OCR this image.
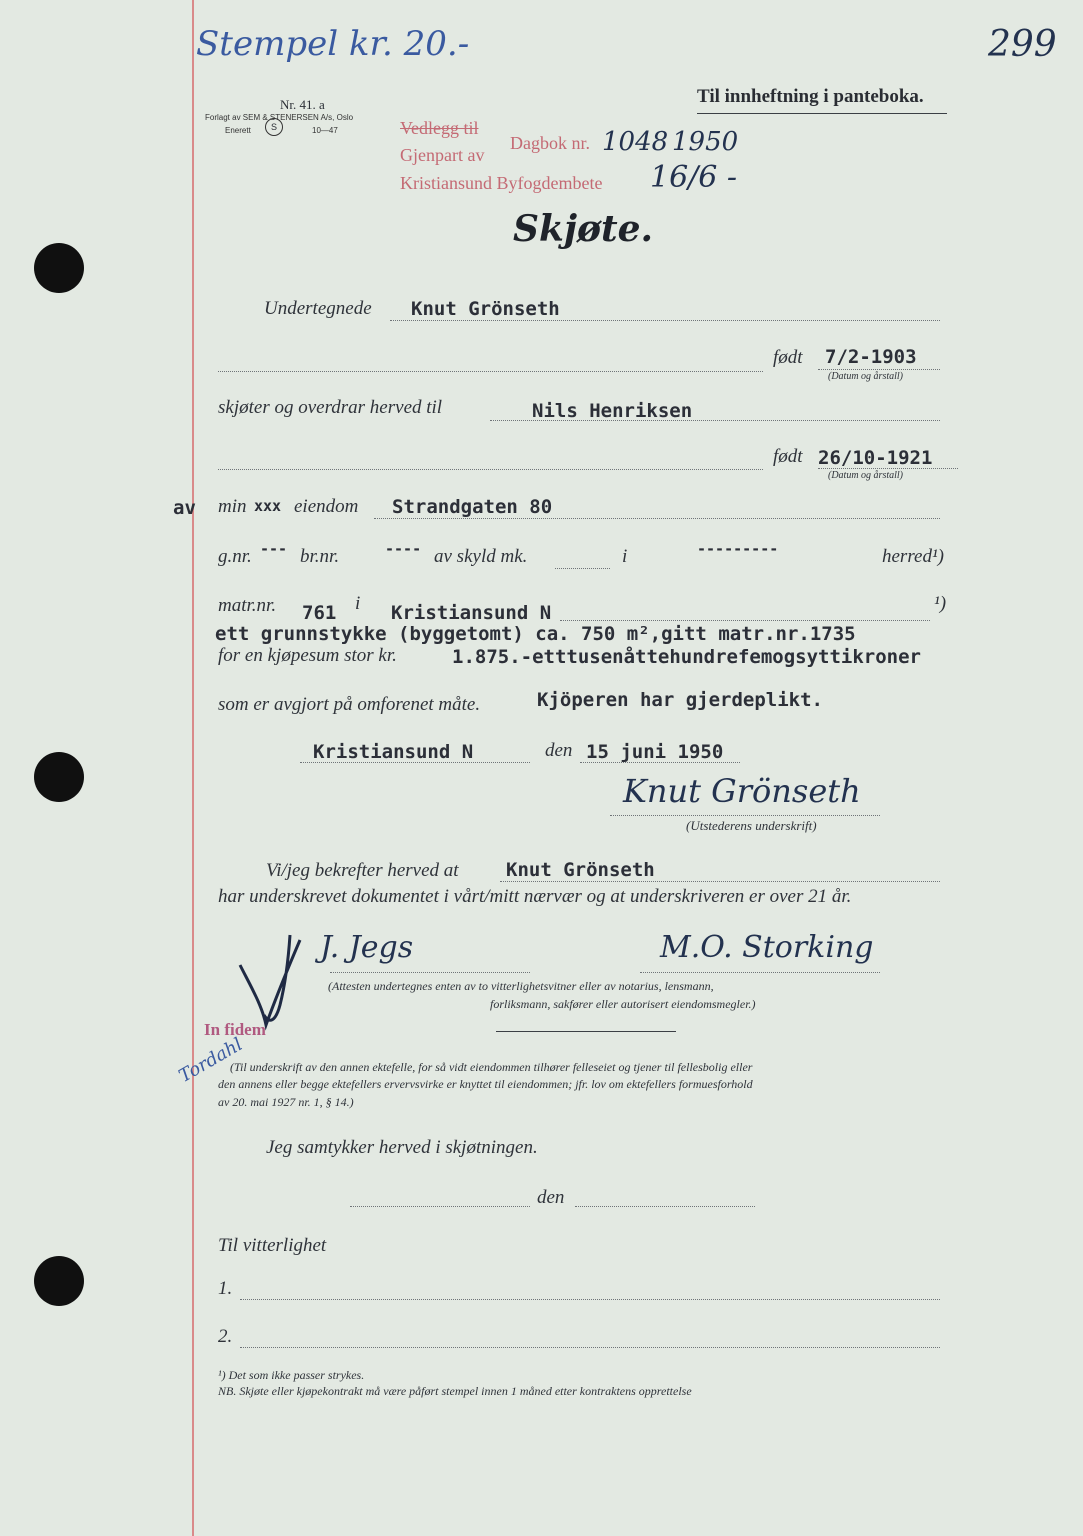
Stempel kr. 20.-	299
Nr. 41. a
Forlagt av SEM & STENERSEN A/s, Oslo
Enerett	S	10—47
Til innheftning i panteboka.
Vedlegg til
Gjenpart av
Kristiansund Byfogdembete
Dagbok nr. 1048 1950
16/6 -
Skjøte.
Undertegnede Knut Grönseth
født 7/2-1903
(Datum og årstall)
skjøter og overdrar herved til	Nils Henriksen
født 26/10-1921
(Datum og årstall)
av min xxx eiendom Strandgaten 80
g.nr. --- br.nr.	---- av skyld mk.	i	---------	herred¹)
matr.nr. 761 i Kristiansund N	¹)
ett grunnstykke (byggetomt) ca. 750 m²,gitt matr.nr.1735
for en kjøpesum stor kr.	1.875.-etttusenåttehundrefemogsyttikroner
som er avgjort på omforenet måte.	Kjöperen har gjerdeplikt.
Kristiansund N	den 15 juni 1950
Knut Grönseth
(Utstederens underskrift)
Vi/jeg bekrefter herved at Knut Grönseth
har underskrevet dokumentet i vårt/mitt nærvær og at underskriveren er over 21 år.
J. Jegs	M.O. Storking
(Attesten undertegnes enten av to vitterlighetsvitner eller av notarius, lensmann,
forliksmann, sakfører eller autorisert eiendomsmegler.)
In fidem
Tordahl
(Til underskrift av den annen ektefelle, for så vidt eiendommen tilhører felleseiet og tjener til fellesbolig eller
den annens eller begge ektefellers ervervsvirke er knyttet til eiendommen; jfr. lov om ektefellers formuesforhold
av 20. mai 1927 nr. 1, § 14.)
Jeg samtykker herved i skjøtningen.
den
Til vitterlighet
1.
2.
¹) Det som ikke passer strykes.
NB. Skjøte eller kjøpekontrakt må være påført stempel innen 1 måned etter kontraktens opprettelse
